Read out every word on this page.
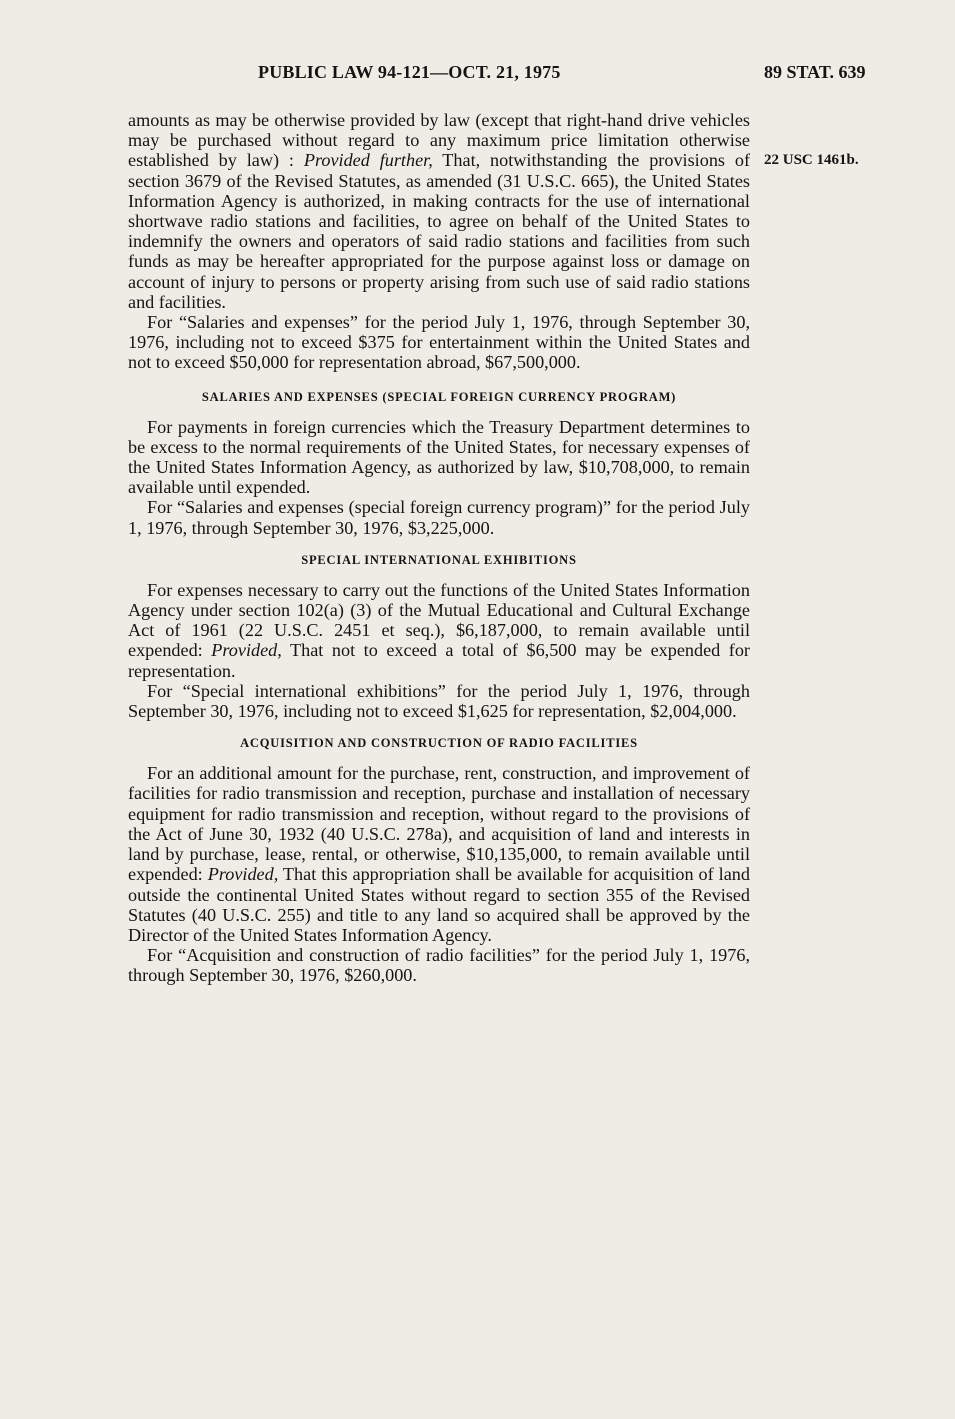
PUBLIC LAW 94-121—OCT. 21, 1975	89 STAT. 639
22 USC 1461b.

amounts as may be otherwise provided by law (except that right-hand drive vehicles may be purchased without regard to any maximum price limitation otherwise established by law) : Provided further, That, notwithstanding the provisions of section 3679 of the Revised Statutes, as amended (31 U.S.C. 665), the United States Information Agency is authorized, in making contracts for the use of international shortwave radio stations and facilities, to agree on behalf of the United States to indemnify the owners and operators of said radio stations and facilities from such funds as may be hereafter appropriated for the purpose against loss or damage on account of injury to persons or property arising from such use of said radio stations and facilities.

For “Salaries and expenses” for the period July 1, 1976, through September 30, 1976, including not to exceed $375 for entertainment within the United States and not to exceed $50,000 for representation abroad, $67,500,000.

SALARIES AND EXPENSES (SPECIAL FOREIGN CURRENCY PROGRAM)

For payments in foreign currencies which the Treasury Department determines to be excess to the normal requirements of the United States, for necessary expenses of the United States Information Agency, as authorized by law, $10,708,000, to remain available until expended.

For “Salaries and expenses (special foreign currency program)” for the period July 1, 1976, through September 30, 1976, $3,225,000.

SPECIAL INTERNATIONAL EXHIBITIONS

For expenses necessary to carry out the functions of the United States Information Agency under section 102(a) (3) of the Mutual Educational and Cultural Exchange Act of 1961 (22 U.S.C. 2451 et seq.), $6,187,000, to remain available until expended: Provided, That not to exceed a total of $6,500 may be expended for representation.

For “Special international exhibitions” for the period July 1, 1976, through September 30, 1976, including not to exceed $1,625 for representation, $2,004,000.

ACQUISITION AND CONSTRUCTION OF RADIO FACILITIES

For an additional amount for the purchase, rent, construction, and improvement of facilities for radio transmission and reception, purchase and installation of necessary equipment for radio transmission and reception, without regard to the provisions of the Act of June 30, 1932 (40 U.S.C. 278a), and acquisition of land and interests in land by purchase, lease, rental, or otherwise, $10,135,000, to remain available until expended: Provided, That this appropriation shall be available for acquisition of land outside the continental United States without regard to section 355 of the Revised Statutes (40 U.S.C. 255) and title to any land so acquired shall be approved by the Director of the United States Information Agency.

For “Acquisition and construction of radio facilities” for the period July 1, 1976, through September 30, 1976, $260,000.
